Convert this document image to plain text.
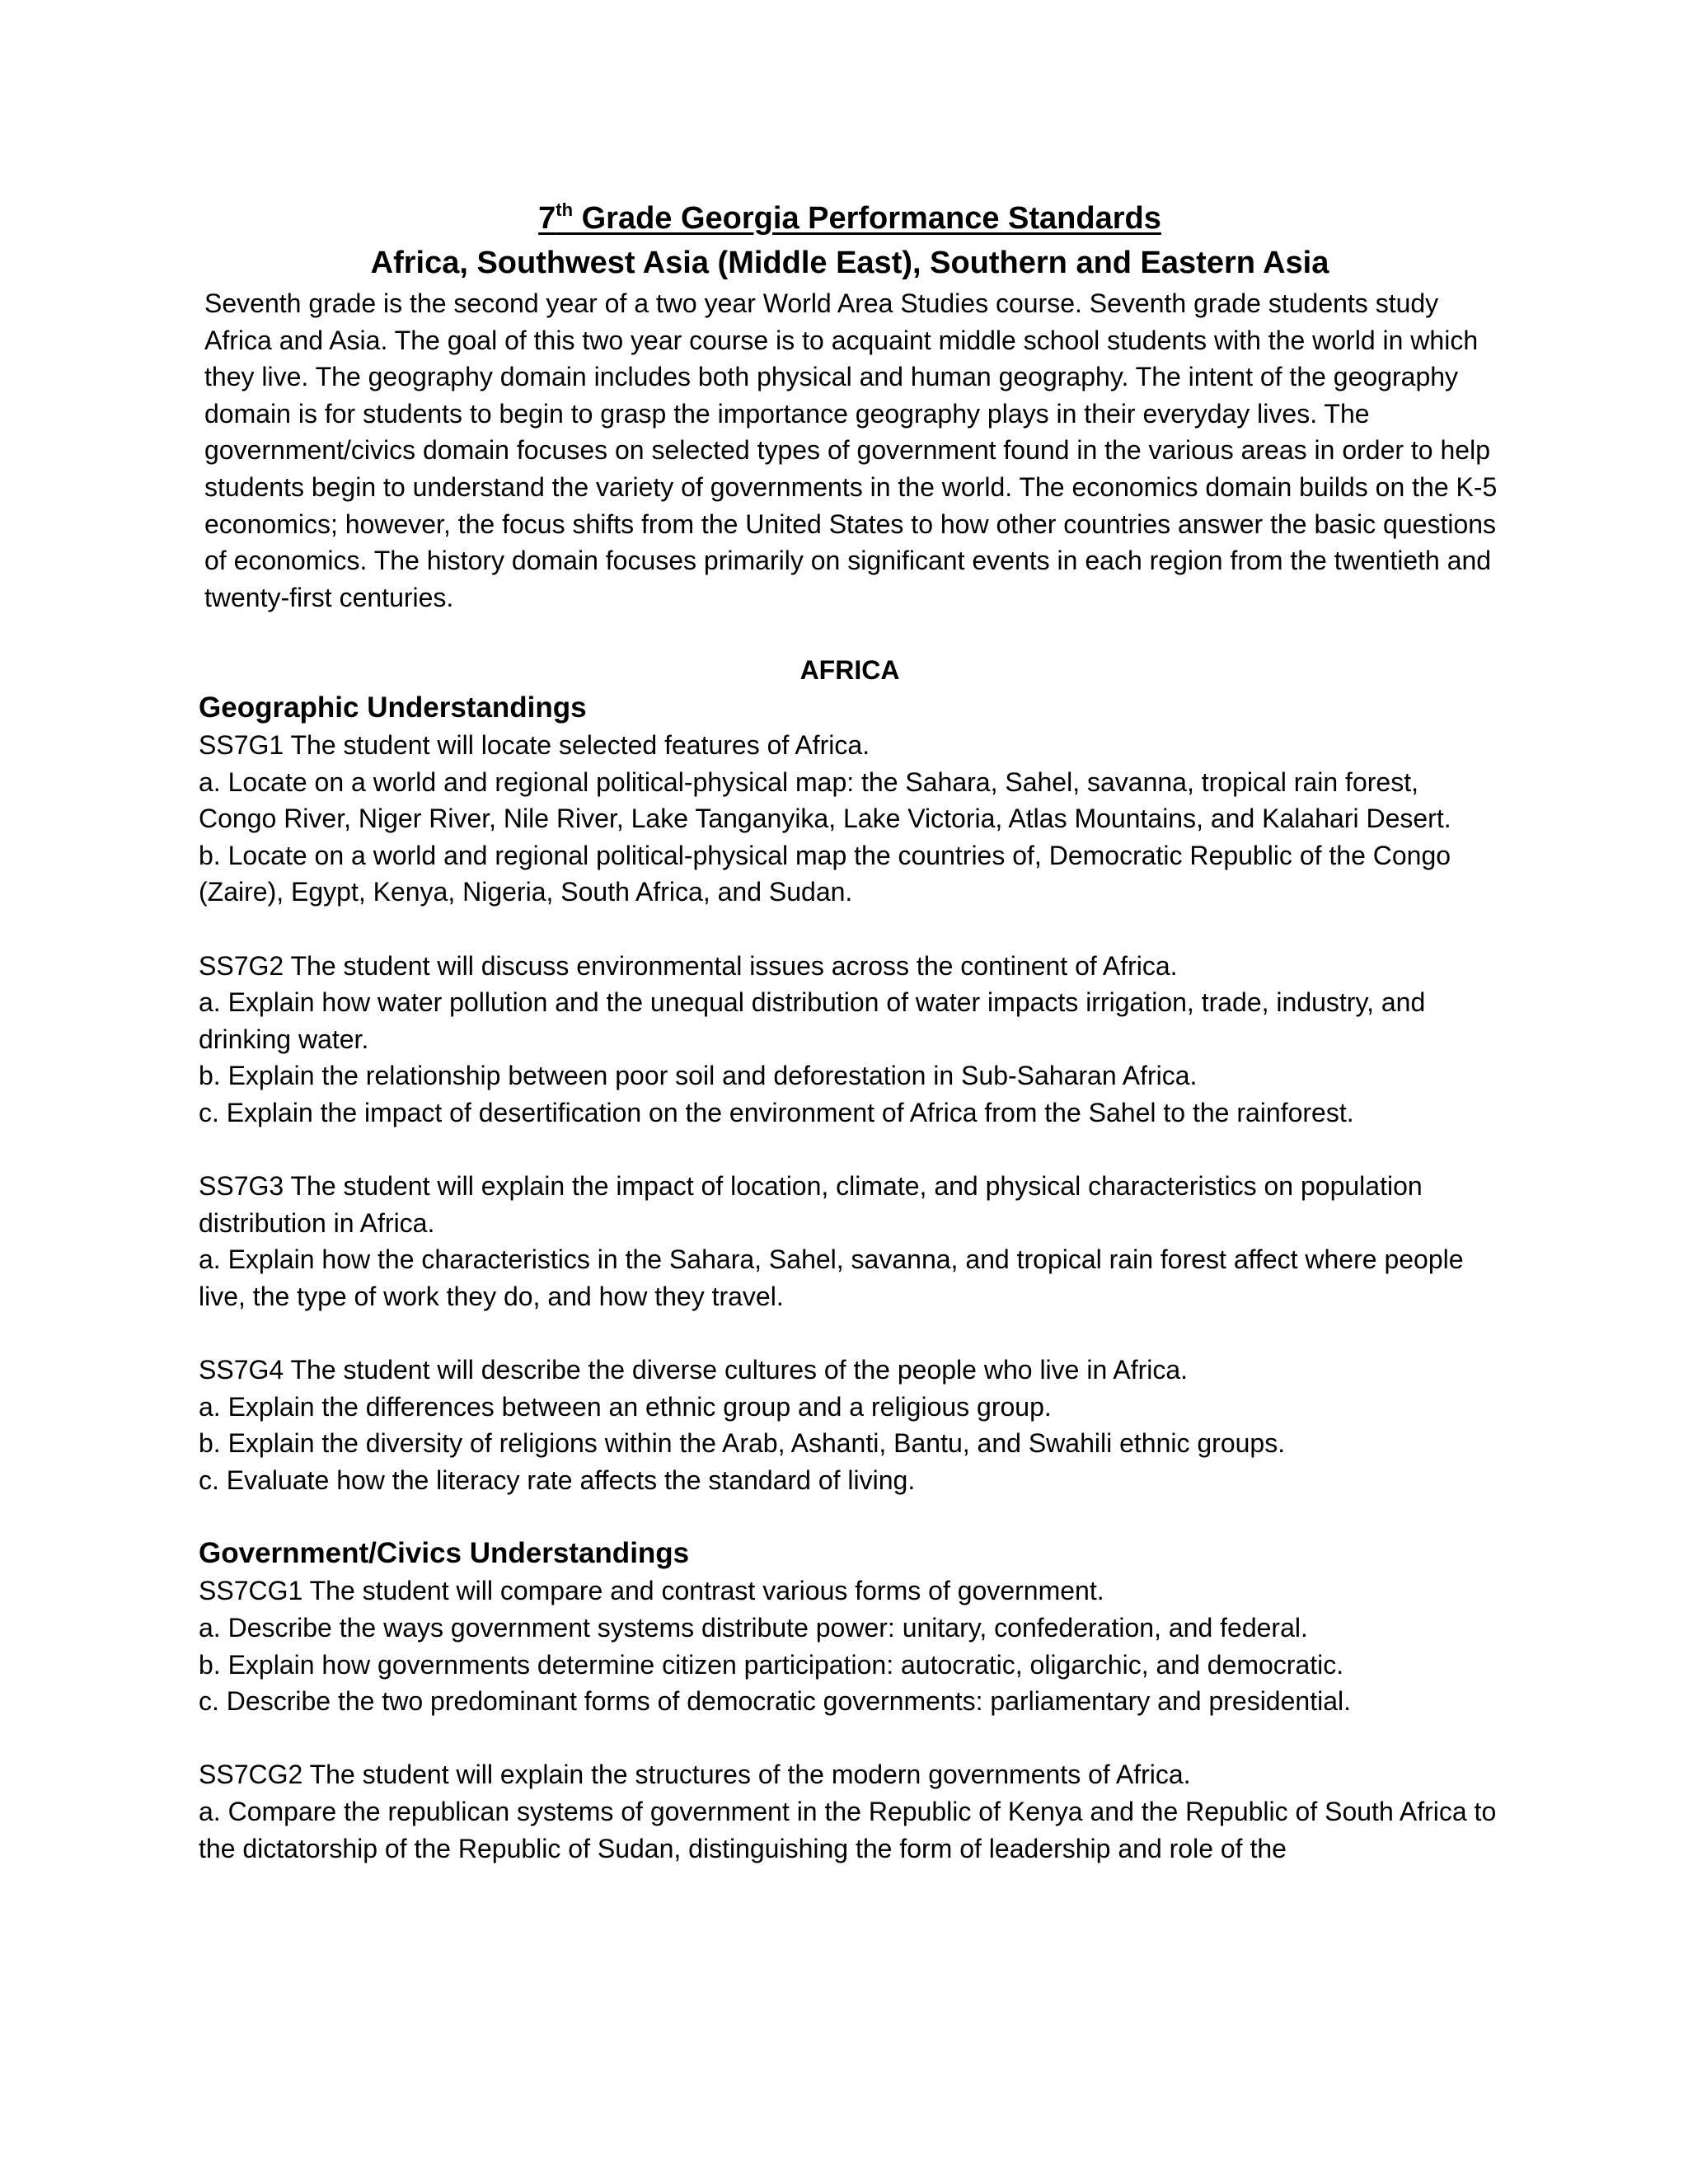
7th Grade Georgia Performance Standards
Africa, Southwest Asia (Middle East), Southern and Eastern Asia

Seventh grade is the second year of a two year World Area Studies course. Seventh grade students study Africa and Asia. The goal of this two year course is to acquaint middle school students with the world in which they live. The geography domain includes both physical and human geography. The intent of the geography domain is for students to begin to grasp the importance geography plays in their everyday lives. The government/civics domain focuses on selected types of government found in the various areas in order to help students begin to understand the variety of governments in the world. The economics domain builds on the K-5 economics; however, the focus shifts from the United States to how other countries answer the basic questions of economics. The history domain focuses primarily on significant events in each region from the twentieth and twenty-first centuries.

AFRICA
Geographic Understandings

SS7G1 The student will locate selected features of Africa.

a. Locate on a world and regional political-physical map: the Sahara, Sahel, savanna, tropical rain forest, Congo River, Niger River, Nile River, Lake Tanganyika, Lake Victoria, Atlas Mountains, and Kalahari Desert.

b. Locate on a world and regional political-physical map the countries of, Democratic Republic of the Congo (Zaire), Egypt, Kenya, Nigeria, South Africa, and Sudan.

SS7G2 The student will discuss environmental issues across the continent of Africa.

a. Explain how water pollution and the unequal distribution of water impacts irrigation, trade, industry, and drinking water.

b. Explain the relationship between poor soil and deforestation in Sub-Saharan Africa.

c. Explain the impact of desertification on the environment of Africa from the Sahel to the rainforest.

SS7G3 The student will explain the impact of location, climate, and physical characteristics on population distribution in Africa.

a. Explain how the characteristics in the Sahara, Sahel, savanna, and tropical rain forest affect where people live, the type of work they do, and how they travel.

SS7G4 The student will describe the diverse cultures of the people who live in Africa.

a. Explain the differences between an ethnic group and a religious group.

b. Explain the diversity of religions within the Arab, Ashanti, Bantu, and Swahili ethnic groups.

c. Evaluate how the literacy rate affects the standard of living.

Government/Civics Understandings

SS7CG1 The student will compare and contrast various forms of government.

a. Describe the ways government systems distribute power: unitary, confederation, and federal.

b. Explain how governments determine citizen participation: autocratic, oligarchic, and democratic.

c. Describe the two predominant forms of democratic governments: parliamentary and presidential.

SS7CG2 The student will explain the structures of the modern governments of Africa.

a. Compare the republican systems of government in the Republic of Kenya and the Republic of South Africa to the dictatorship of the Republic of Sudan, distinguishing the form of leadership and role of the
